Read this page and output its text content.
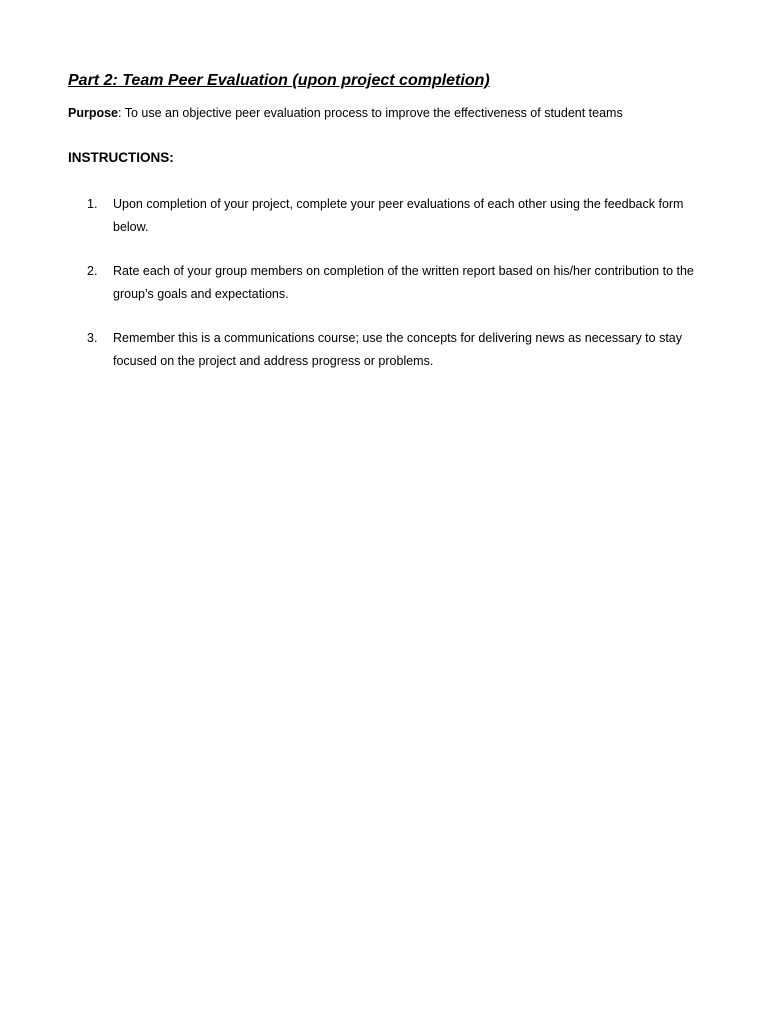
Part 2: Team Peer Evaluation (upon project completion)

Purpose: To use an objective peer evaluation process to improve the effectiveness of student teams

INSTRUCTIONS:
1. Upon completion of your project, complete your peer evaluations of each other using the feedback form below.
2. Rate each of your group members on completion of the written report based on his/her contribution to the group’s goals and expectations.
3. Remember this is a communications course; use the concepts for delivering news as necessary to stay focused on the project and address progress or problems.
